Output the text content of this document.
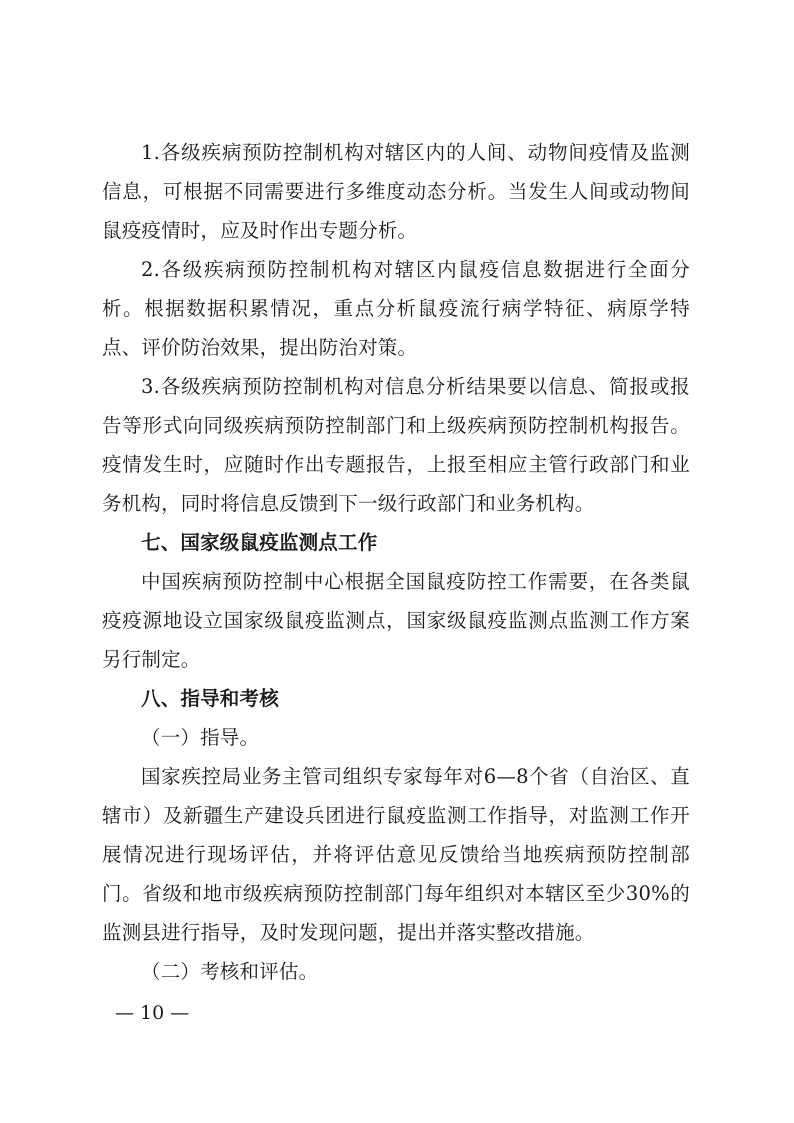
1.各级疾病预防控制机构对辖区内的人间、动物间疫情及监测信息，可根据不同需要进行多维度动态分析。当发生人间或动物间鼠疫疫情时，应及时作出专题分析。

2.各级疾病预防控制机构对辖区内鼠疫信息数据进行全面分析。根据数据积累情况，重点分析鼠疫流行病学特征、病原学特点、评价防治效果，提出防治对策。

3.各级疾病预防控制机构对信息分析结果要以信息、简报或报告等形式向同级疾病预防控制部门和上级疾病预防控制机构报告。疫情发生时，应随时作出专题报告，上报至相应主管行政部门和业务机构，同时将信息反馈到下一级行政部门和业务机构。

七、国家级鼠疫监测点工作

中国疾病预防控制中心根据全国鼠疫防控工作需要，在各类鼠疫疫源地设立国家级鼠疫监测点，国家级鼠疫监测点监测工作方案另行制定。

八、指导和考核

（一）指导。

国家疾控局业务主管司组织专家每年对6—8个省（自治区、直辖市）及新疆生产建设兵团进行鼠疫监测工作指导，对监测工作开展情况进行现场评估，并将评估意见反馈给当地疾病预防控制部门。省级和地市级疾病预防控制部门每年组织对本辖区至少30%的监测县进行指导，及时发现问题，提出并落实整改措施。

（二）考核和评估。

— 10 —
